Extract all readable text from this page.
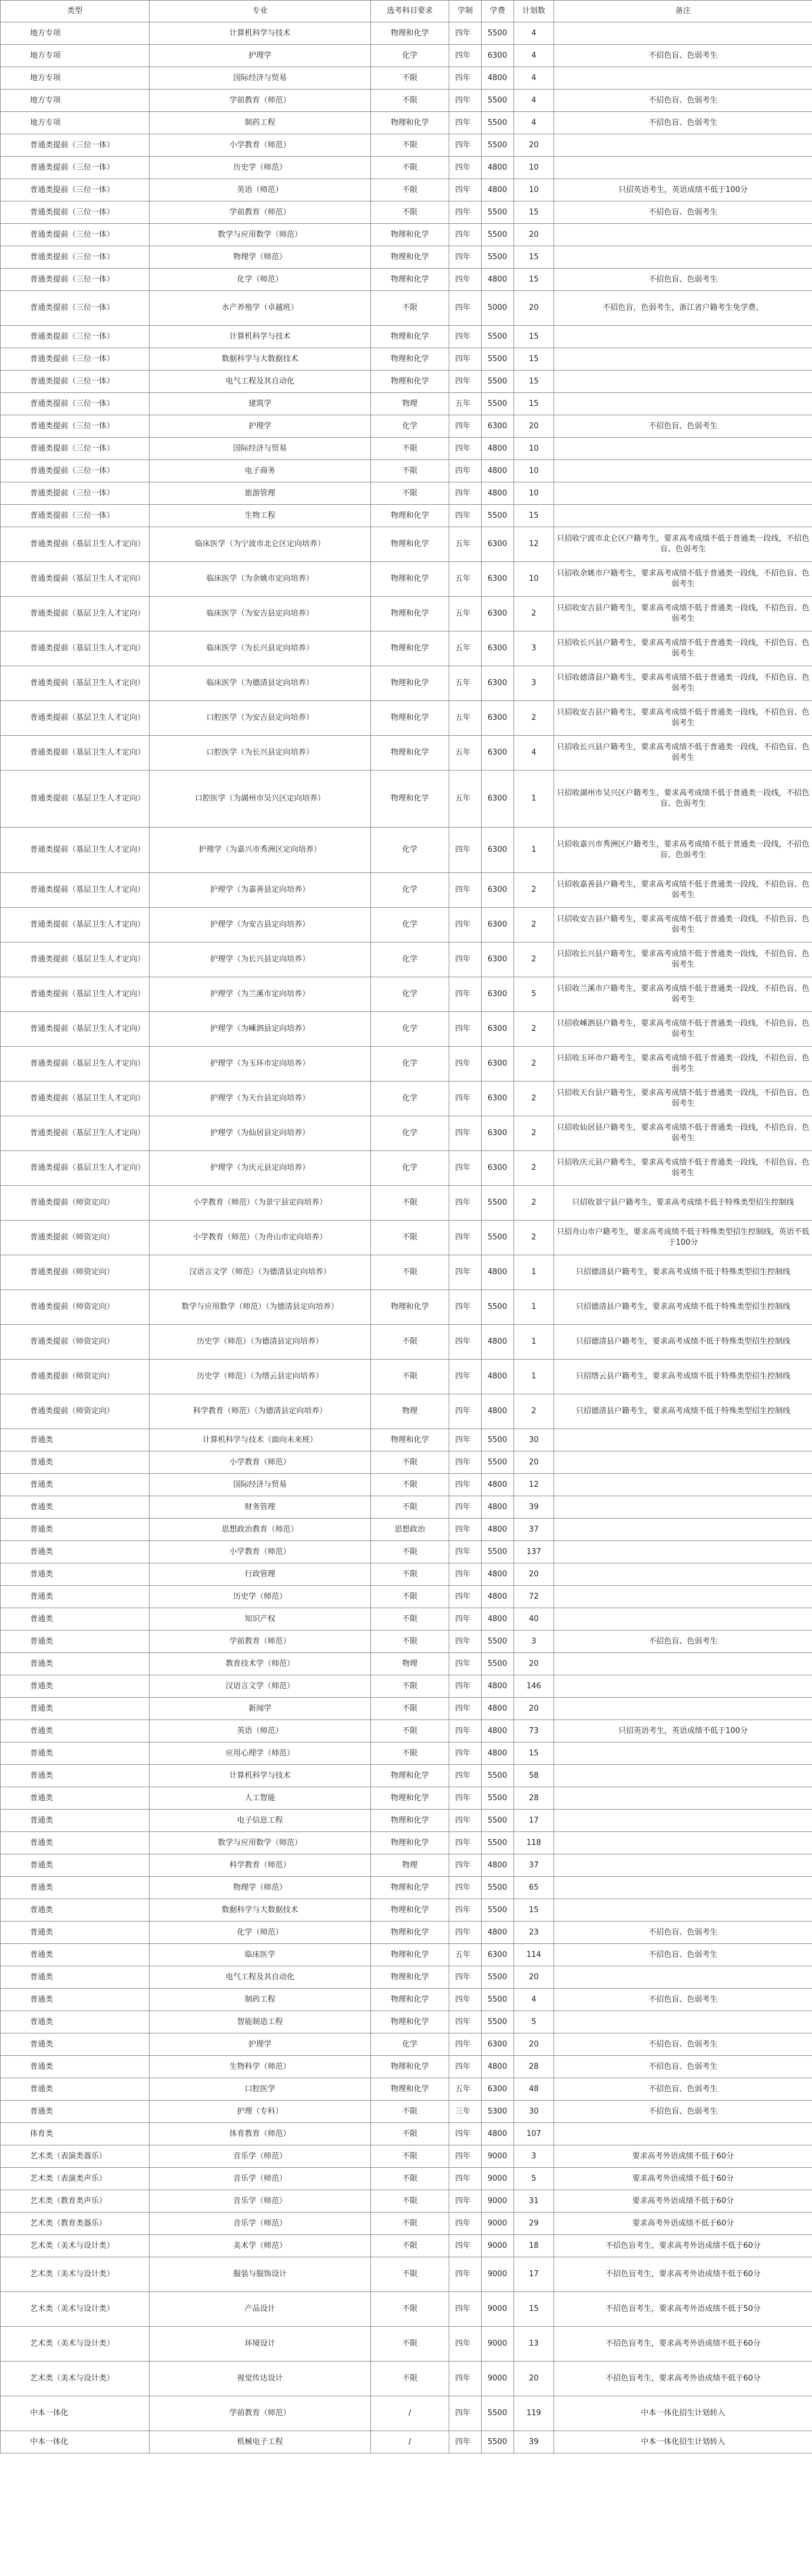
类型	专业	选考科目要求	学制	学费	计划数	备注
地方专项	计算机科学与技术	物理和化学	四年	5500	4	
地方专项	护理学	化学	四年	6300	4	不招色盲、色弱考生
地方专项	国际经济与贸易	不限	四年	4800	4	
地方专项	学前教育（师范）	不限	四年	5500	4	不招色盲、色弱考生
地方专项	制药工程	物理和化学	四年	5500	4	不招色盲、色弱考生
普通类提前（三位一体）	小学教育（师范）	不限	四年	5500	20	
普通类提前（三位一体）	历史学（师范）	不限	四年	4800	10	
普通类提前（三位一体）	英语（师范）	不限	四年	4800	10	只招英语考生，英语成绩不低于100分
普通类提前（三位一体）	学前教育（师范）	不限	四年	5500	15	不招色盲、色弱考生
普通类提前（三位一体）	数学与应用数学（师范）	物理和化学	四年	5500	20	
普通类提前（三位一体）	物理学（师范）	物理和化学	四年	5500	15	
普通类提前（三位一体）	化学（师范）	物理和化学	四年	4800	15	不招色盲、色弱考生
普通类提前（三位一体）	水产养殖学（卓越班）	不限	四年	5000	20	不招色盲，色弱考生，浙江省户籍考生免学费。
普通类提前（三位一体）	计算机科学与技术	物理和化学	四年	5500	15	
普通类提前（三位一体）	数据科学与大数据技术	物理和化学	四年	5500	15	
普通类提前（三位一体）	电气工程及其自动化	物理和化学	四年	5500	15	
普通类提前（三位一体）	建筑学	物理	五年	5500	15	
普通类提前（三位一体）	护理学	化学	四年	6300	20	不招色盲、色弱考生
普通类提前（三位一体）	国际经济与贸易	不限	四年	4800	10	
普通类提前（三位一体）	电子商务	不限	四年	4800	10	
普通类提前（三位一体）	旅游管理	不限	四年	4800	10	
普通类提前（三位一体）	生物工程	物理和化学	四年	5500	15	
普通类提前（基层卫生人才定向）	临床医学（为宁波市北仑区定向培养）	物理和化学	五年	6300	12	只招收宁波市北仑区户籍考生，要求高考成绩不低于普通类一段线，不招色盲、色弱考生
普通类提前（基层卫生人才定向）	临床医学（为余姚市定向培养）	物理和化学	五年	6300	10	只招收余姚市户籍考生，要求高考成绩不低于普通类一段线，不招色盲、色弱考生
普通类提前（基层卫生人才定向）	临床医学（为安吉县定向培养）	物理和化学	五年	6300	2	只招收安吉县户籍考生，要求高考成绩不低于普通类一段线，不招色盲、色弱考生
普通类提前（基层卫生人才定向）	临床医学（为长兴县定向培养）	物理和化学	五年	6300	3	只招收长兴县户籍考生，要求高考成绩不低于普通类一段线，不招色盲、色弱考生
普通类提前（基层卫生人才定向）	临床医学（为德清县定向培养）	物理和化学	五年	6300	3	只招收德清县户籍考生，要求高考成绩不低于普通类一段线，不招色盲、色弱考生
普通类提前（基层卫生人才定向）	口腔医学（为安吉县定向培养）	物理和化学	五年	6300	2	只招收安吉县户籍考生，要求高考成绩不低于普通类一段线，不招色盲、色弱考生
普通类提前（基层卫生人才定向）	口腔医学（为长兴县定向培养）	物理和化学	五年	6300	4	只招收长兴县户籍考生，要求高考成绩不低于普通类一段线，不招色盲、色弱考生
普通类提前（基层卫生人才定向）	口腔医学（为湖州市吴兴区定向培养）	物理和化学	五年	6300	1	只招收湖州市吴兴区户籍考生，要求高考成绩不低于普通类一段线，不招色盲、色弱考生
普通类提前（基层卫生人才定向）	护理学（为嘉兴市秀洲区定向培养）	化学	四年	6300	1	只招收嘉兴市秀洲区户籍考生，要求高考成绩不低于普通类一段线，不招色盲、色弱考生
普通类提前（基层卫生人才定向）	护理学（为嘉善县定向培养）	化学	四年	6300	2	只招收嘉善县户籍考生，要求高考成绩不低于普通类一段线，不招色盲、色弱考生
普通类提前（基层卫生人才定向）	护理学（为安吉县定向培养）	化学	四年	6300	2	只招收安吉县户籍考生，要求高考成绩不低于普通类一段线，不招色盲、色弱考生
普通类提前（基层卫生人才定向）	护理学（为长兴县定向培养）	化学	四年	6300	2	只招收长兴县户籍考生，要求高考成绩不低于普通类一段线，不招色盲、色弱考生
普通类提前（基层卫生人才定向）	护理学（为兰溪市定向培养）	化学	四年	6300	5	只招收兰溪市户籍考生，要求高考成绩不低于普通类一段线，不招色盲、色弱考生
普通类提前（基层卫生人才定向）	护理学（为嵊泗县定向培养）	化学	四年	6300	2	只招收嵊泗县户籍考生，要求高考成绩不低于普通类一段线，不招色盲、色弱考生
普通类提前（基层卫生人才定向）	护理学（为玉环市定向培养）	化学	四年	6300	2	只招收玉环市户籍考生，要求高考成绩不低于普通类一段线，不招色盲、色弱考生
普通类提前（基层卫生人才定向）	护理学（为天台县定向培养）	化学	四年	6300	2	只招收天台县户籍考生，要求高考成绩不低于普通类一段线，不招色盲、色弱考生
普通类提前（基层卫生人才定向）	护理学（为仙居县定向培养）	化学	四年	6300	2	只招收仙居县户籍考生，要求高考成绩不低于普通类一段线，不招色盲、色弱考生
普通类提前（基层卫生人才定向）	护理学（为庆元县定向培养）	化学	四年	6300	2	只招收庆元县户籍考生，要求高考成绩不低于普通类一段线，不招色盲、色弱考生
普通类提前（师资定向）	小学教育（师范）（为景宁县定向培养）	不限	四年	5500	2	只招收景宁县户籍考生，要求高考成绩不低于特殊类型招生控制线
普通类提前（师资定向）	小学教育（师范）（为舟山市定向培养）	不限	四年	5500	2	只招舟山市户籍考生，要求高考成绩不低于特殊类型招生控制线，英语不低于100分
普通类提前（师资定向）	汉语言文学（师范）（为德清县定向培养）	不限	四年	4800	1	只招德清县户籍考生，要求高考成绩不低于特殊类型招生控制线
普通类提前（师资定向）	数学与应用数学（师范）（为德清县定向培养）	物理和化学	四年	5500	1	只招德清县户籍考生，要求高考成绩不低于特殊类型招生控制线
普通类提前（师资定向）	历史学（师范）（为德清县定向培养）	不限	四年	4800	1	只招德清县户籍考生，要求高考成绩不低于特殊类型招生控制线
普通类提前（师资定向）	历史学（师范）（为缙云县定向培养）	不限	四年	4800	1	只招缙云县户籍考生，要求高考成绩不低于特殊类型招生控制线
普通类提前（师资定向）	科学教育（师范）（为德清县定向培养）	物理	四年	4800	2	只招德清县户籍考生，要求高考成绩不低于特殊类型招生控制线
普通类	计算机科学与技术（面向未来班）	物理和化学	四年	5500	30	
普通类	小学教育（师范）	不限	四年	5500	20	
普通类	国际经济与贸易	不限	四年	4800	12	
普通类	财务管理	不限	四年	4800	39	
普通类	思想政治教育（师范）	思想政治	四年	4800	37	
普通类	小学教育（师范）	不限	四年	5500	137	
普通类	行政管理	不限	四年	4800	20	
普通类	历史学（师范）	不限	四年	4800	72	
普通类	知识产权	不限	四年	4800	40	
普通类	学前教育（师范）	不限	四年	5500	3	不招色盲、色弱考生
普通类	教育技术学（师范）	物理	四年	5500	20	
普通类	汉语言文学（师范）	不限	四年	4800	146	
普通类	新闻学	不限	四年	4800	20	
普通类	英语（师范）	不限	四年	4800	73	只招英语考生，英语成绩不低于100分
普通类	应用心理学（师范）	不限	四年	4800	15	
普通类	计算机科学与技术	物理和化学	四年	5500	58	
普通类	人工智能	物理和化学	四年	5500	28	
普通类	电子信息工程	物理和化学	四年	5500	17	
普通类	数学与应用数学（师范）	物理和化学	四年	5500	118	
普通类	科学教育（师范）	物理	四年	4800	37	
普通类	物理学（师范）	物理和化学	四年	5500	65	
普通类	数据科学与大数据技术	物理和化学	四年	5500	15	
普通类	化学（师范）	物理和化学	四年	4800	23	不招色盲、色弱考生
普通类	临床医学	物理和化学	五年	6300	114	不招色盲、色弱考生
普通类	电气工程及其自动化	物理和化学	四年	5500	20	
普通类	制药工程	物理和化学	四年	5500	4	不招色盲、色弱考生
普通类	智能制造工程	物理和化学	四年	5500	5	
普通类	护理学	化学	四年	6300	20	不招色盲、色弱考生
普通类	生物科学（师范）	物理和化学	四年	4800	28	不招色盲、色弱考生
普通类	口腔医学	物理和化学	五年	6300	48	不招色盲、色弱考生
普通类	护理（专科）	不限	三年	5300	30	不招色盲、色弱考生
体育类	体育教育（师范）	不限	四年	4800	107	
艺术类（表演类器乐）	音乐学（师范）	不限	四年	9000	3	要求高考外语成绩不低于60分
艺术类（表演类声乐）	音乐学（师范）	不限	四年	9000	5	要求高考外语成绩不低于60分
艺术类（教育类声乐）	音乐学（师范）	不限	四年	9000	31	要求高考外语成绩不低于60分
艺术类（教育类器乐）	音乐学（师范）	不限	四年	9000	29	要求高考外语成绩不低于60分
艺术类（美术与设计类）	美术学（师范）	不限	四年	9000	18	不招色盲考生，要求高考外语成绩不低于60分
艺术类（美术与设计类）	服装与服饰设计	不限	四年	9000	17	不招色盲考生，要求高考外语成绩不低于60分
艺术类（美术与设计类）	产品设计	不限	四年	9000	15	不招色盲考生，要求高考外语成绩不低于50分
艺术类（美术与设计类）	环境设计	不限	四年	9000	13	不招色盲考生，要求高考外语成绩不低于60分
艺术类（美术与设计类）	视觉传达设计	不限	四年	9000	20	不招色盲考生，要求高考外语成绩不低于60分
中本一体化	学前教育（师范）	/	四年	5500	119	中本一体化招生计划转入
中本一体化	机械电子工程	/	四年	5500	39	中本一体化招生计划转入
